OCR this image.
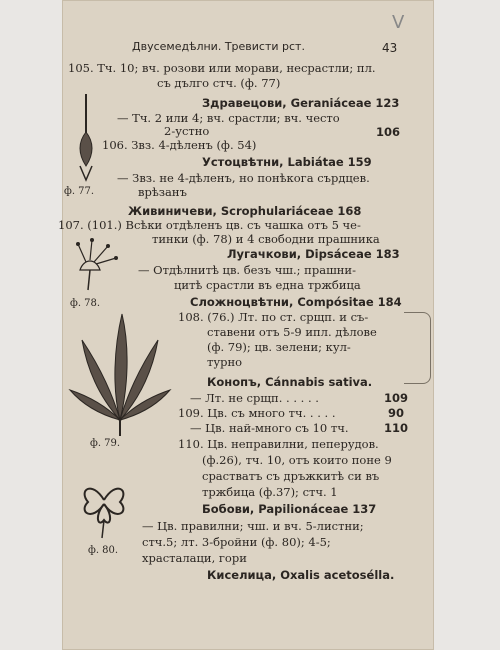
Двусемедѣлни. Тревисти рст.	43
105. Тч. 10; вч. розови или морави, несрастли; пл.
съ дълго стч. (ф. 77)
Здравецови, Geraniáceae 123
— Тч. 2 или 4; вч. срастли; вч. често
2-устно	106
106. Звз. 4-дѣленъ (ф. 54)
Устоцвѣтни, Labiátae 159
— Звз. не 4-дѣленъ, но понѣкога сърдцев.
врѣзанъ
Живиничеви, Scrophulariáceae 168
107. (101.) Всѣки отдѣленъ цв. съ чашка отъ 5 че-
тинки (ф. 78) и 4 свободни прашника
Лугачкови, Dipsáceae 183
— Отдѣлнитѣ цв. безъ чш.; прашни-
цитѣ срастли въ една тржбица
Сложноцвѣтни, Compósitae 184
108. (76.) Лт. по ст. срщп. и съ-
ставени отъ 5-9 ипл. дѣлове
(ф. 79); цв. зелени; кул-
турно
Конопъ, Cánnabis sativa.
— Лт. не срщп. . . . . .	109
109. Цв. съ много тч. . . . .	90
— Цв. най-много съ 10 тч.	110
110. Цв. неправилни, пеперудов.
(ф.26), тч. 10, отъ които поне 9
срастватъ съ дръжкитѣ си въ
тржбица (ф.37); стч. 1
Бобови, Papilionáceae 137
— Цв. правилни; чш. и вч. 5-листни;
стч.5; лт. 3-бройни (ф. 80); 4-5;
храсталаци, гори
Киселица, Oxalis acetosélla.
ф. 77.
ф. 78.
ф. 79.
ф. 80.
V
